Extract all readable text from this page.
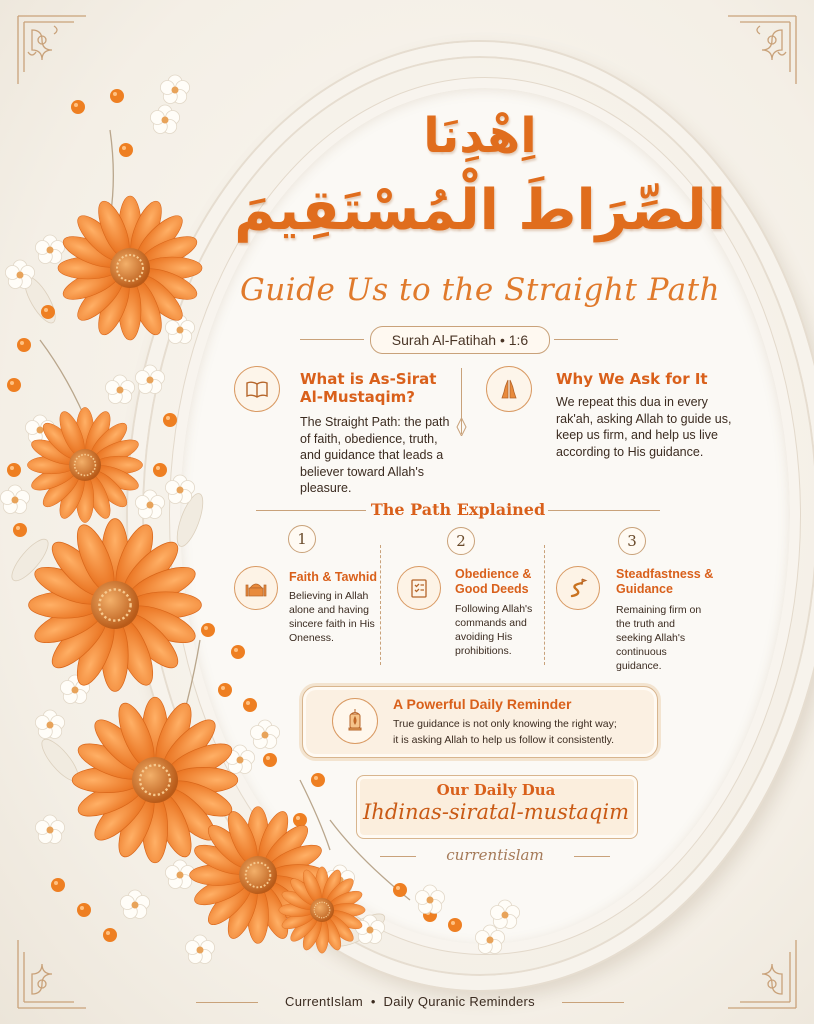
اِهْدِنَا
الصِّرَاطَ الْمُسْتَقِيمَ
Guide Us to the Straight Path
Surah Al-Fatihah • 1:6
What is As-Sirat
Al-Mustaqim?
The Straight Path: the path of faith, obedience, truth, and guidance that leads a believer toward Allah's pleasure.
Why We Ask for It
We repeat this dua in every rak'ah, asking Allah to guide us, keep us firm, and help us live according to His guidance.
The Path Explained
1	2	3
Faith & Tawhid
Believing in Allah alone and having sincere faith in His Oneness.
Obedience &
Good Deeds
Following Allah's commands and avoiding His prohibitions.
Steadfastness &
Guidance
Remaining firm on the truth and seeking Allah's continuous guidance.
A Powerful Daily Reminder
True guidance is not only knowing the right way;
it is asking Allah to help us follow it consistently.
Our Daily Dua
Ihdinas-siratal-mustaqim
currentislam
CurrentIslam  •  Daily Quranic Reminders
